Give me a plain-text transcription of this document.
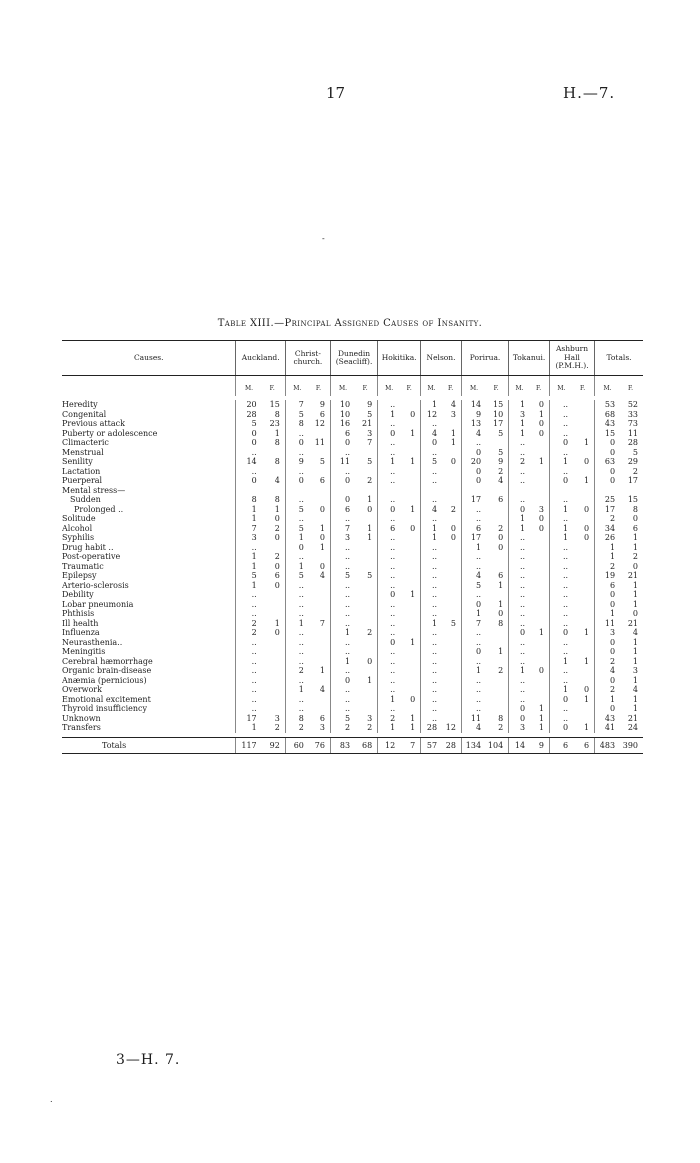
17	H.—7.
-
Table XIII.—Principal Assigned Causes of Insanity.
Causes.		Auckland.	Christ-church.	Dunedin (Seacliff).	Hokitika.	Nelson.	Porirua.	Tokanui.	Ashburn Hall (P.M.H.).	Totals.
		M. F.	M. F.	M. F.	M. F.	M. F.	M. F.	M. F.	M. F.	M. F.

Heredity		20 15	7 9	10 9	..	1 4	14 15	1 0	..	53 52

Congenital		28 8	5 6	10 5	1 0	12 3	9 10	3 1	..	68 33

Previous attack		5 23	8 12	16 21	..	..	13 17	1 0	..	43 73

Puberty or adolescence		0 1	..	6 3	0 1	4 1	4 5	1 0	..	15 11

Climacteric		0 8	0 11	0 7	..	0 1	..	..	0 1	0 28

Menstrual		..	..	..	..	..	0 5	..	..	0 5

Senility		14 8	9 5	11 5	1 1	5 0	20 9	2 1	1 0	63 29

Lactation		..	..	..	..	..	0 2	..	..	0 2

Puerperal		0 4	0 6	0 2	..	..	0 4	..	0 1	0 17

Mental stress—		

Sudden		8 8	..	0 1	..	..	17 6	..	..	25 15

Prolonged ..		1 1	5 0	6 0	0 1	4 2	..	0 3	1 0	17 8

Solitude		1 0	..	..	..	..	..	1 0	..	2 0

Alcohol		7 2	5 1	7 1	6 0	1 0	6 2	1 0	1 0	34 6

Syphilis		3 0	1 0	3 1	..	1 0	17 0	..	1 0	26 1

Drug habit ..		..	0 1	..	..	..	1 0	..	..	1 1

Post-operative		1 2	..	..	..	..	..	..	..	1 2

Traumatic		1 0	1 0	..	..	..	..	..	..	2 0

Epilepsy		5 6	5 4	5 5	..	..	4 6	..	..	19 21

Arterio-sclerosis		1 0	..	..	..	..	5 1	..	..	6 1

Debility		..	..	..	0 1	..	..	..	..	0 1

Lobar pneumonia		..	..	..	..	..	0 1	..	..	0 1

Phthisis		..	..	..	..	..	1 0	..	..	1 0

Ill health		2 1	1 7	..	..	1 5	7 8	..	..	11 21

Influenza		2 0	..	1 2	..	..	..	0 1	0 1	3 4

Neurasthenia..		..	..	..	0 1	..	..	..	..	0 1

Meningitis		..	..	..	..	..	0 1	..	..	0 1

Cerebral hæmorrhage		..	..	1 0	..	..	..	..	1 1	2 1

Organic brain-disease		..	2 1	..	..	..	1 2	1 0	..	4 3

Anæmia (pernicious)		..	..	0 1	..	..	..	..	..	0 1

Overwork		..	1 4	..	..	..	..	..	1 0	2 4

Emotional excitement		..	..	..	1 0	..	..	..	0 1	1 1

Thyroid insufficiency		..	..	..	..	..	..	0 1	..	0 1

Unknown		17 3	8 6	5 3	2 1	..	11 8	0 1	..	43 21

Transfers		1 2	2 3	2 2	1 1	28 12	4 2	3 1	0 1	41 24

Totals		117 92	60 76	83 68	12 7	57 28	134 104	14 9	6 6	483 390
3—H. 7.
.
